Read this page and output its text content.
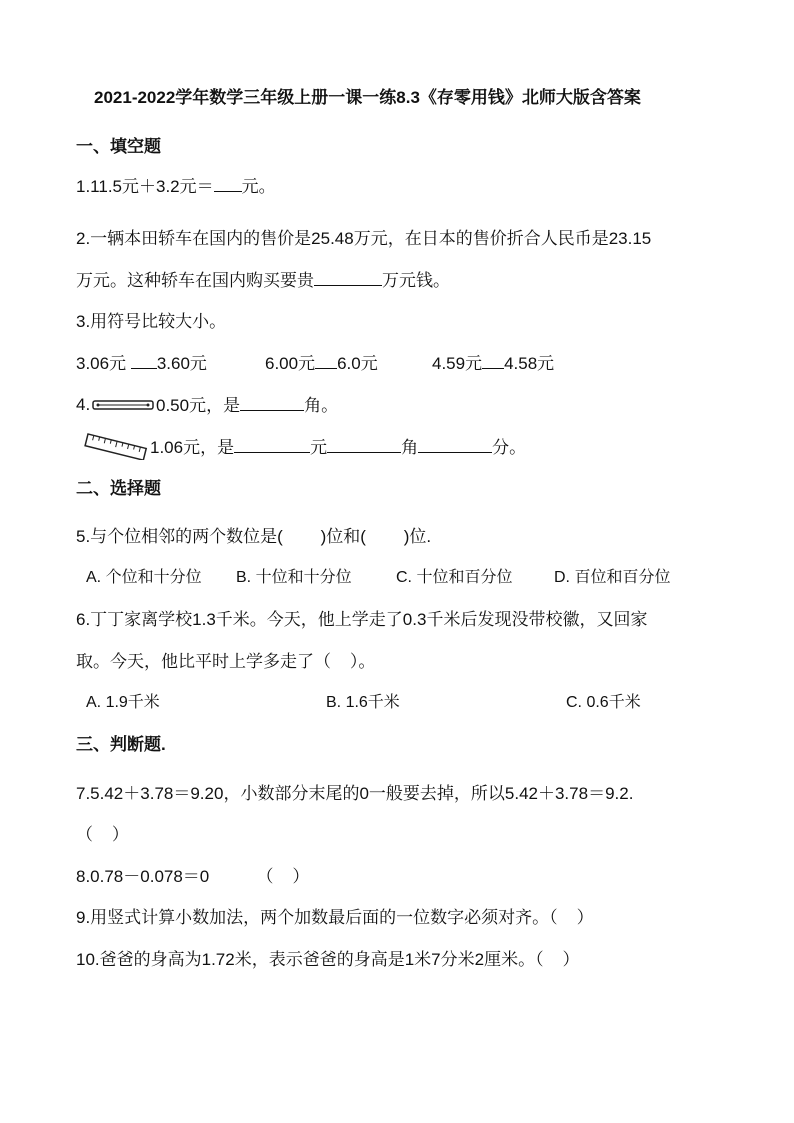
2021-2022学年数学三年级上册一课一练8.3《存零用钱》北师大版含答案
一、填空题
1.11.5元＋3.2元＝ 元。
2.一辆本田轿车在国内的售价是25.48万元，在日本的售价折合人民币是23.15
万元。这种轿车在国内购买要贵	万元钱。
3.用符号比较大小。
3.06元 3.60元	6.00元 6.0元	4.59元 4.58元
4.	0.50元，是	角。
1.06元，是	元	角	分。
二、选择题
5.与个位相邻的两个数位是(        )位和(        )位.
A. 个位和十分位 B. 十位和十分位	C. 十位和百分位	D. 百位和百分位
6.丁丁家离学校1.3千米。今天，他上学走了0.3千米后发现没带校徽，又回家
取。今天，他比平时上学多走了（    ）。
A. 1.9千米	B. 1.6千米	C. 0.6千米
三、判断题.
7.5.42＋3.78＝9.20，小数部分末尾的0一般要去掉，所以5.42＋3.78＝9.2.
（    ）
8.0.78－0.078＝0          （    ）
9.用竖式计算小数加法，两个加数最后面的一位数字必须对齐。（    ）
10.爸爸的身高为1.72米，表示爸爸的身高是1米7分米2厘米。（    ）
